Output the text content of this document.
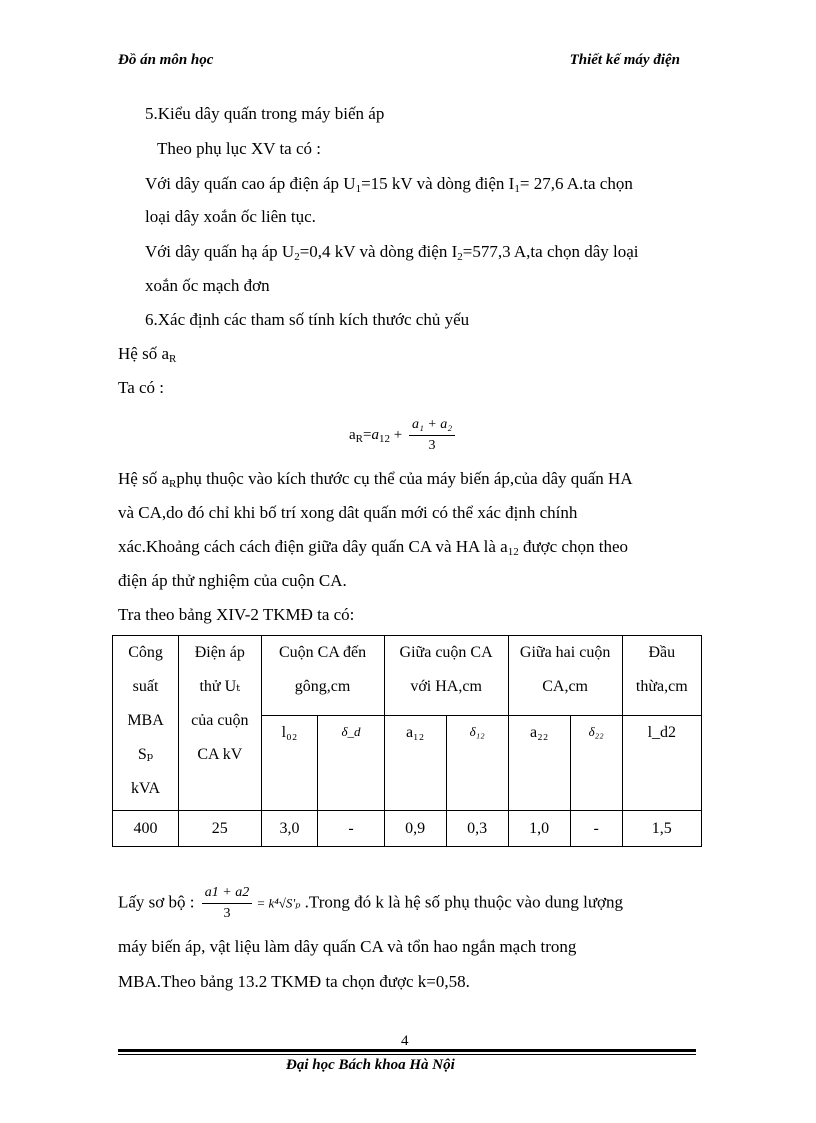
Đồ án môn học	Thiết kế máy điện
5.Kiểu dây quấn trong máy biến áp
Theo phụ lục XV ta có :
Với dây quấn cao áp điện áp $U_1=15$ kV và dòng điện $I_1= 27,6$ A.ta chọn
loại dây xoắn ốc liên tục.
Với dây quấn hạ áp $U_2=0,4$ kV và dòng điện $I_2=577,3$ A,ta chọn dây loại
xoắn ốc mạch đơn
6.Xác định các tham số tính kích thước chủ yếu
Hệ số $a_R$
Ta có :
$a_R=a_{12} + \frac{\text{a₁ + a₂}}{3}$
Hệ số $a_Rphụ$ thuộc vào kích thước cụ thể của máy biến áp,của dây quấn HA
và CA,do đó chỉ khi bố trí xong dât quấn mới có thể xác định chính
xác.Khoảng cách cách điện giữa dây quấn CA và HA là $a_{12}$ được chọn theo
điện áp thử nghiệm của cuộn CA.
Tra theo bảng XIV-2 TKMĐ ta có:
Công
suất
MBA
Sₚ
kVA	Điện áp
thử Uₜ
của cuộn
CA kV	Cuộn CA đến
gông,cm		Giữa cuộn CA
với HA,cm		Giữa hai cuộn
CA,cm		Đầu
thừa,cm

		l₀₂	δ_d	a₁₂	δ₁₂	a₂₂	δ₂₂	l_d2
400	25	3,0	-	0,9	0,3	1,0	-	1,5
Lấy sơ bộ : $\frac{a1 + a2}{3} = k^4√S'_p$ .Trong đó k là hệ số phụ thuộc vào dung lượng
máy biến áp, vật liệu làm dây quấn CA và tổn hao ngắn mạch trong
MBA.Theo bảng 13.2 TKMĐ ta chọn được k=0,58.
4
Đại học Bách khoa Hà Nội
